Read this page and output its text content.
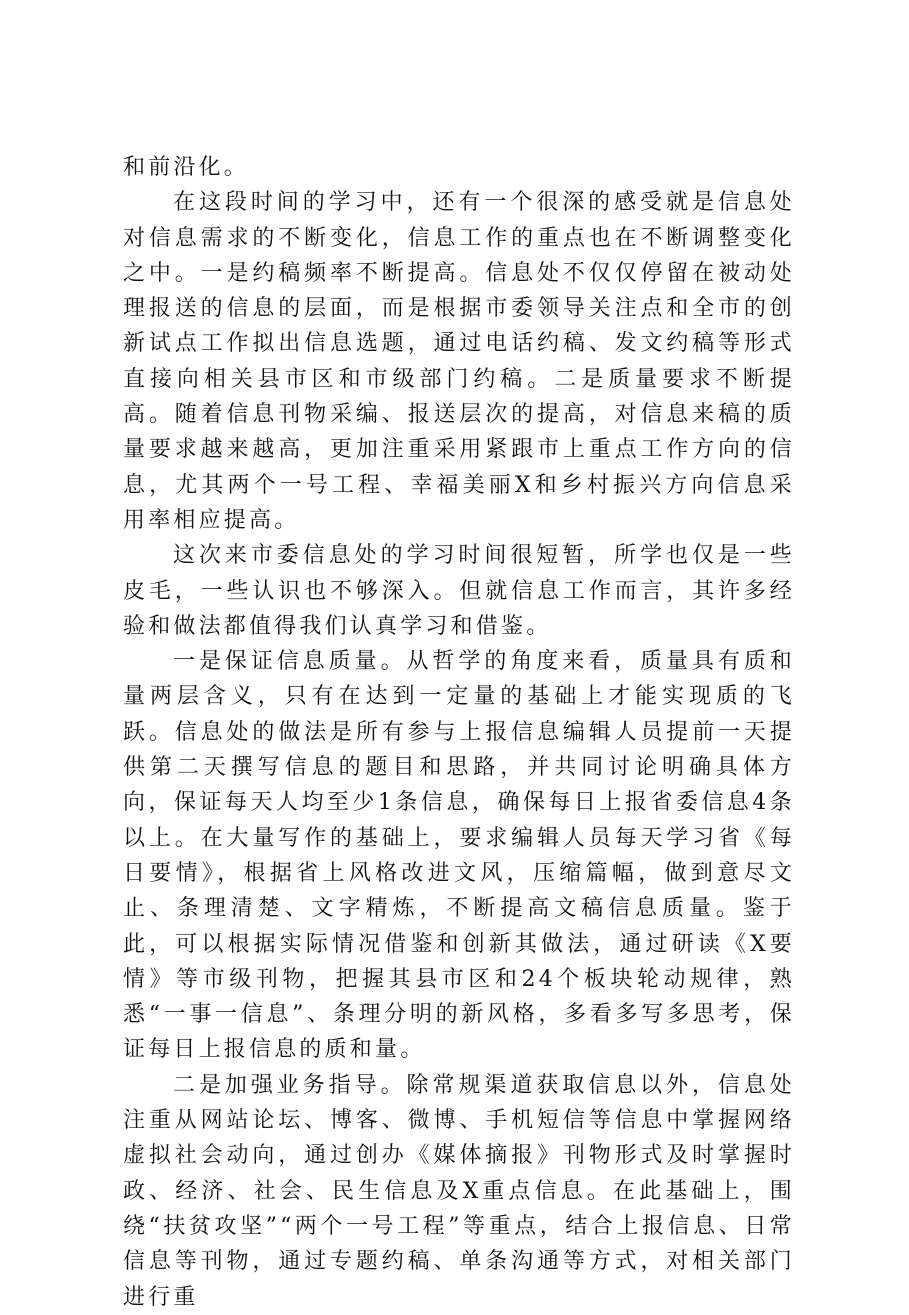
和前沿化。

在这段时间的学习中，还有一个很深的感受就是信息处对信息需求的不断变化，信息工作的重点也在不断调整变化之中。一是约稿频率不断提高。信息处不仅仅停留在被动处理报送的信息的层面，而是根据市委领导关注点和全市的创新试点工作拟出信息选题，通过电话约稿、发文约稿等形式直接向相关县市区和市级部门约稿。二是质量要求不断提高。随着信息刊物采编、报送层次的提高，对信息来稿的质量要求越来越高，更加注重采用紧跟市上重点工作方向的信息，尤其两个一号工程、幸福美丽X和乡村振兴方向信息采用率相应提高。

这次来市委信息处的学习时间很短暂，所学也仅是一些皮毛，一些认识也不够深入。但就信息工作而言，其许多经验和做法都值得我们认真学习和借鉴。

一是保证信息质量。从哲学的角度来看，质量具有质和量两层含义，只有在达到一定量的基础上才能实现质的飞跃。信息处的做法是所有参与上报信息编辑人员提前一天提供第二天撰写信息的题目和思路，并共同讨论明确具体方向，保证每天人均至少1条信息，确保每日上报省委信息4条以上。在大量写作的基础上，要求编辑人员每天学习省《每日要情》，根据省上风格改进文风，压缩篇幅，做到意尽文止、条理清楚、文字精炼，不断提高文稿信息质量。鉴于此，可以根据实际情况借鉴和创新其做法，通过研读《X要情》等市级刊物，把握其县市区和24个板块轮动规律，熟悉“一事一信息”、条理分明的新风格，多看多写多思考，保证每日上报信息的质和量。

二是加强业务指导。除常规渠道获取信息以外，信息处注重从网站论坛、博客、微博、手机短信等信息中掌握网络虚拟社会动向，通过创办《媒体摘报》刊物形式及时掌握时政、经济、社会、民生信息及X重点信息。在此基础上，围绕“扶贫攻坚”“两个一号工程”等重点，结合上报信息、日常信息等刊物，通过专题约稿、单条沟通等方式，对相关部门进行重
